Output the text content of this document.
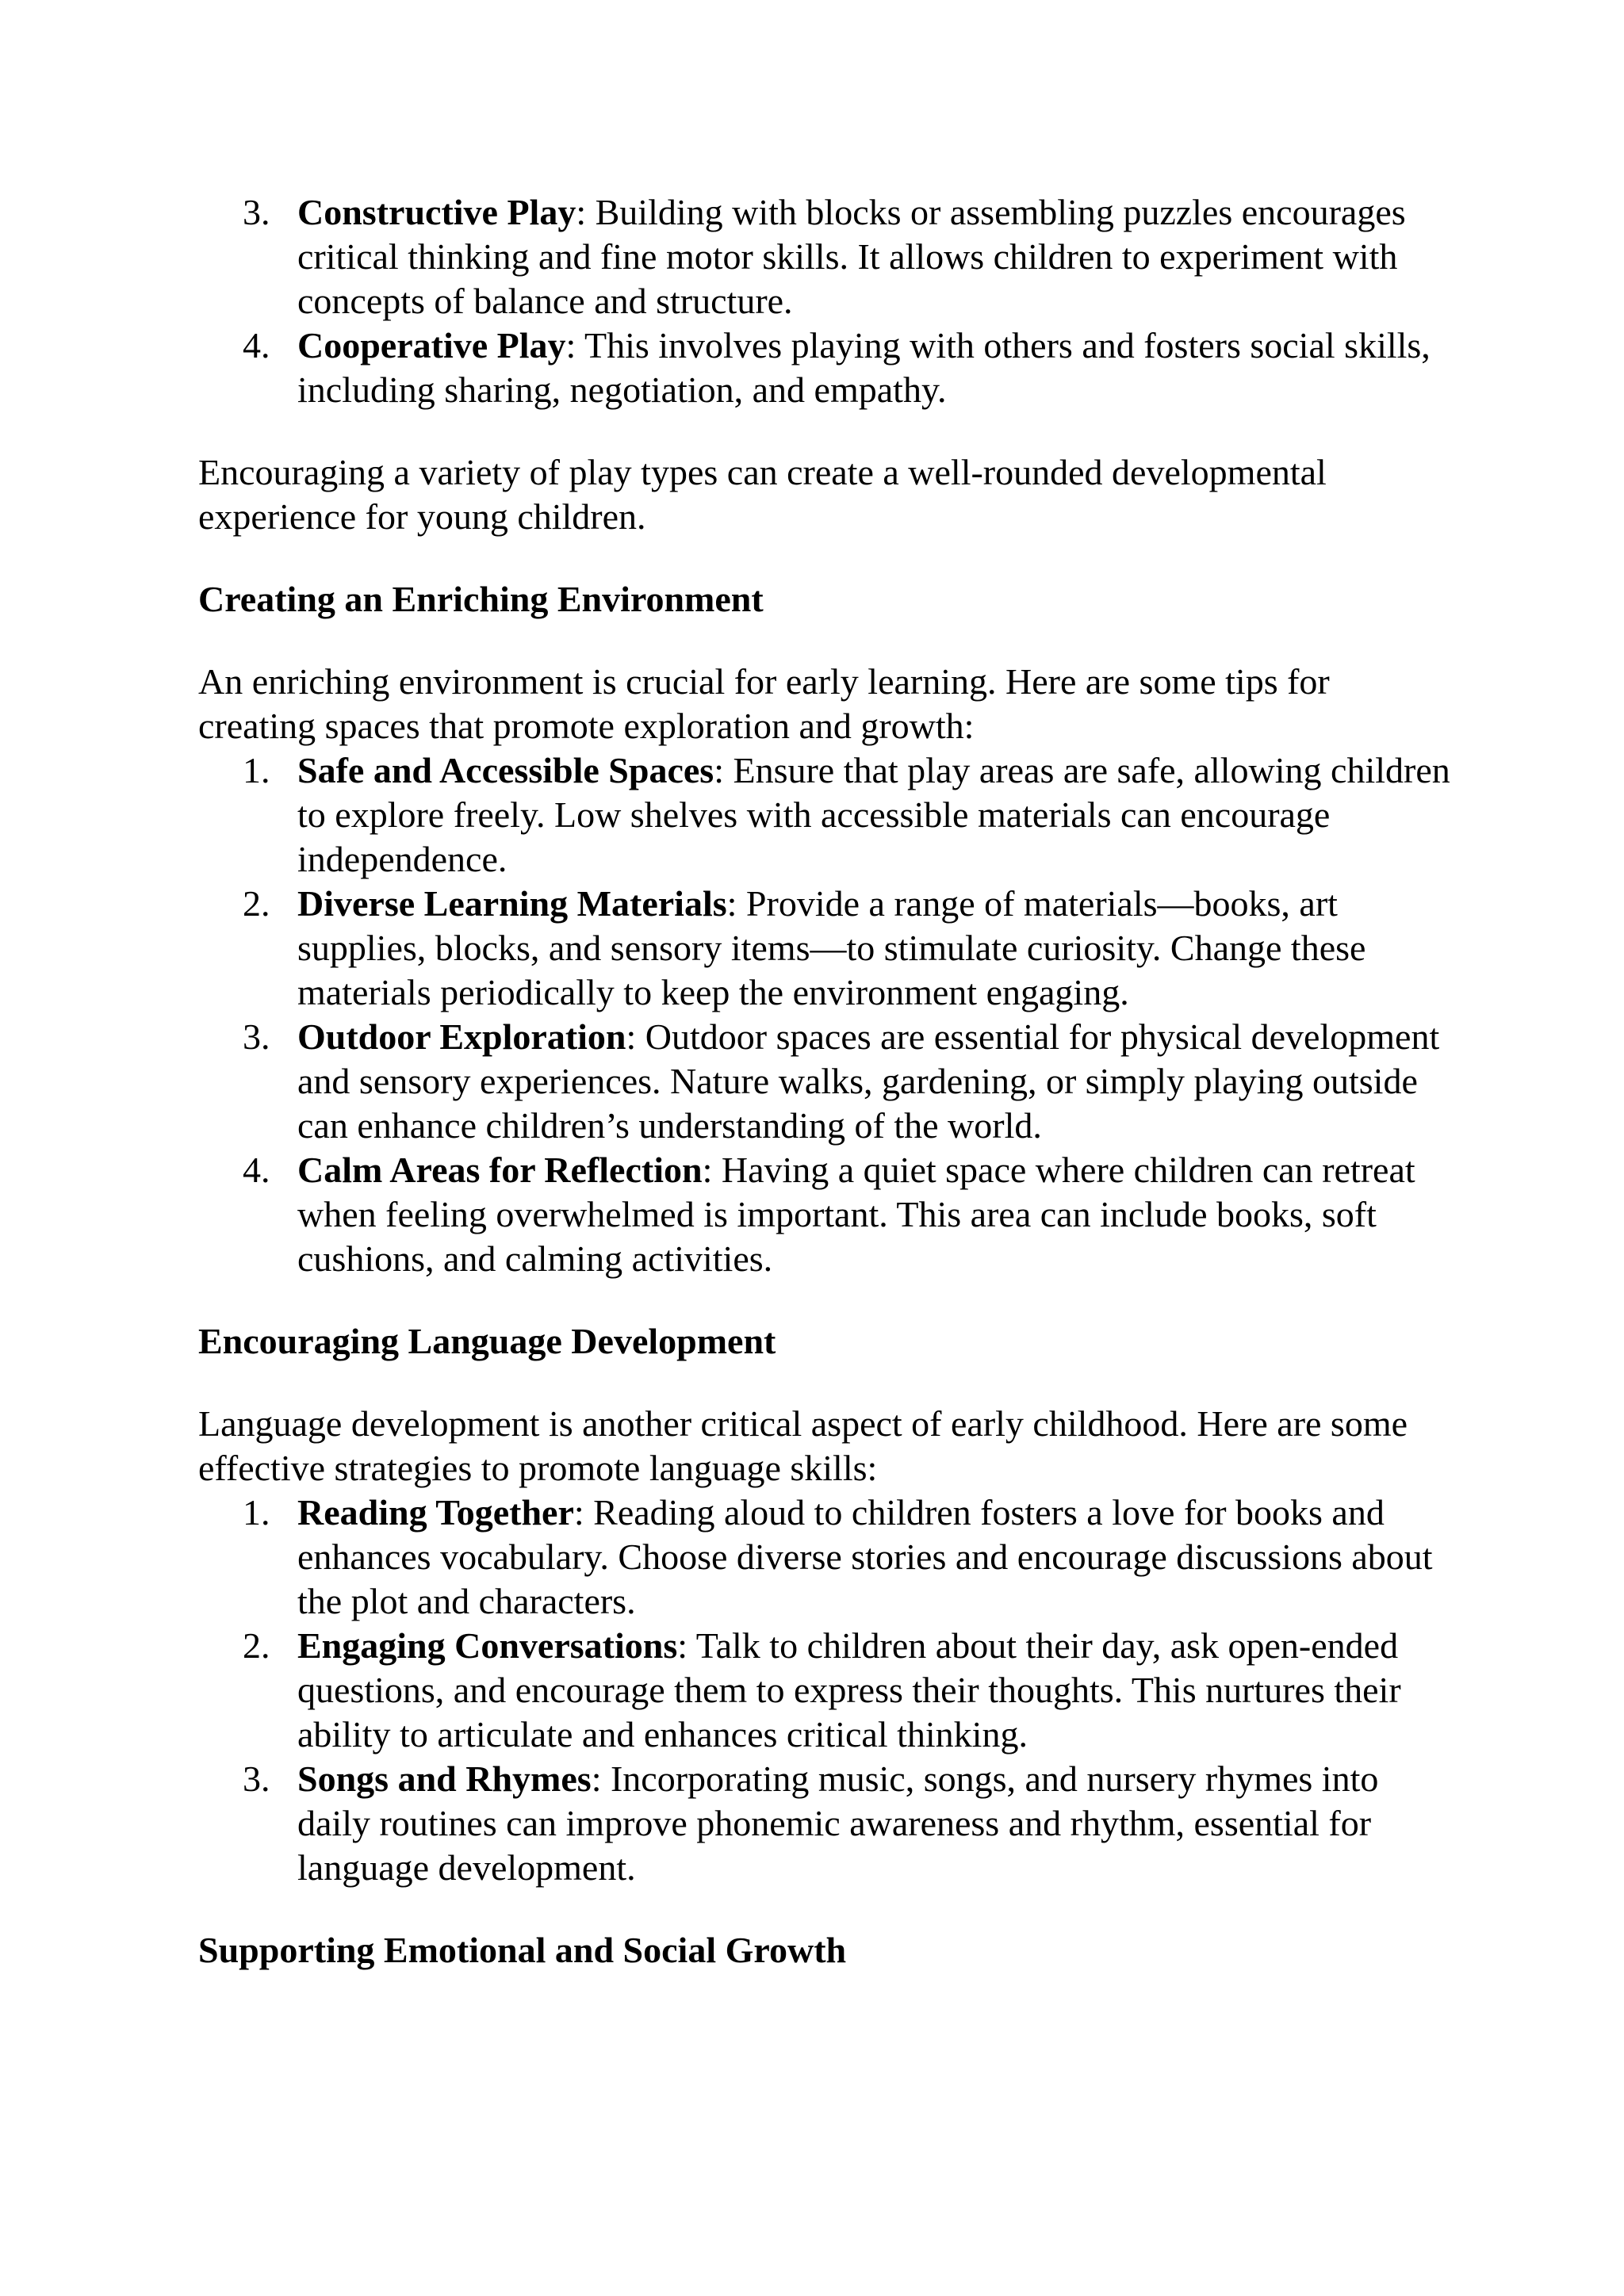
3. Constructive Play: Building with blocks or assembling puzzles encourages critical thinking and fine motor skills. It allows children to experiment with concepts of balance and structure.
4. Cooperative Play: This involves playing with others and fosters social skills, including sharing, negotiation, and empathy.

Encouraging a variety of play types can create a well-rounded developmental experience for young children.

Creating an Enriching Environment

An enriching environment is crucial for early learning. Here are some tips for creating spaces that promote exploration and growth:

1. Safe and Accessible Spaces: Ensure that play areas are safe, allowing children to explore freely. Low shelves with accessible materials can encourage independence.
2. Diverse Learning Materials: Provide a range of materials—books, art supplies, blocks, and sensory items—to stimulate curiosity. Change these materials periodically to keep the environment engaging.
3. Outdoor Exploration: Outdoor spaces are essential for physical development and sensory experiences. Nature walks, gardening, or simply playing outside can enhance children’s understanding of the world.
4. Calm Areas for Reflection: Having a quiet space where children can retreat when feeling overwhelmed is important. This area can include books, soft cushions, and calming activities.

Encouraging Language Development

Language development is another critical aspect of early childhood. Here are some effective strategies to promote language skills:

1. Reading Together: Reading aloud to children fosters a love for books and enhances vocabulary. Choose diverse stories and encourage discussions about the plot and characters.
2. Engaging Conversations: Talk to children about their day, ask open-ended questions, and encourage them to express their thoughts. This nurtures their ability to articulate and enhances critical thinking.
3. Songs and Rhymes: Incorporating music, songs, and nursery rhymes into daily routines can improve phonemic awareness and rhythm, essential for language development.

Supporting Emotional and Social Growth
